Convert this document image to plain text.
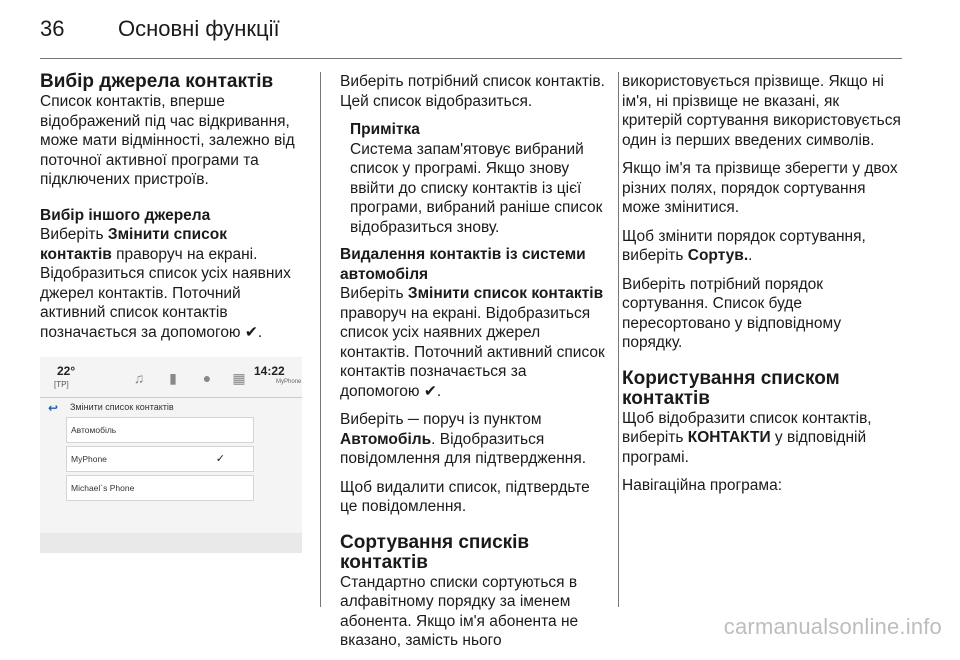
36 Основні функції
Вибір джерела контактів

Список контактів, вперше відображений під час відкривання, може мати відмінності, залежно від поточної активної програми та підключених пристроїв.

Вибір іншого джерела

Виберіть Змінити список контактів праворуч на екрані. Відобразиться список усіх наявних джерел контактів. Поточний активний список контактів позначається за допомогою ✔.

22°
[TP]	♫	▮	●	▦ 14:22
MyPhone
↩ Змінити список контактів
Автомобіль
MyPhone	✓
Michael`s Phone

Виберіть потрібний список контактів. Цей список відобразиться.

Примітка
Система запам'ятовує вибраний список у програмі. Якщо знову ввійти до списку контактів із цієї програми, вибраний раніше список відобразиться знову.
Видалення контактів із системи автомобіля

Виберіть Змінити список контактів праворуч на екрані. Відобразиться список усіх наявних джерел контактів. Поточний активний список контактів позначається за допомогою ✔.

Виберіть ─ поруч із пунктом Автомобіль. Відобразиться повідомлення для підтвердження.

Щоб видалити список, підтвердьте це повідомлення.

Сортування списків контактів

Стандартно списки сортуються в алфавітному порядку за іменем абонента. Якщо ім'я абонента не вказано, замість нього

використовується прізвище. Якщо ні ім'я, ні прізвище не вказані, як критерій сортування використовується один із перших введених символів.

Якщо ім'я та прізвище зберегти у двох різних полях, порядок сортування може змінитися.

Щоб змінити порядок сортування, виберіть Сортув..

Виберіть потрібний порядок сортування. Список буде пересортовано у відповідному порядку.

Користування списком контактів

Щоб відобразити список контактів, виберіть КОНТАКТИ у відповідній програмі.

Навігаційна програма:

carmanualsonline.info
